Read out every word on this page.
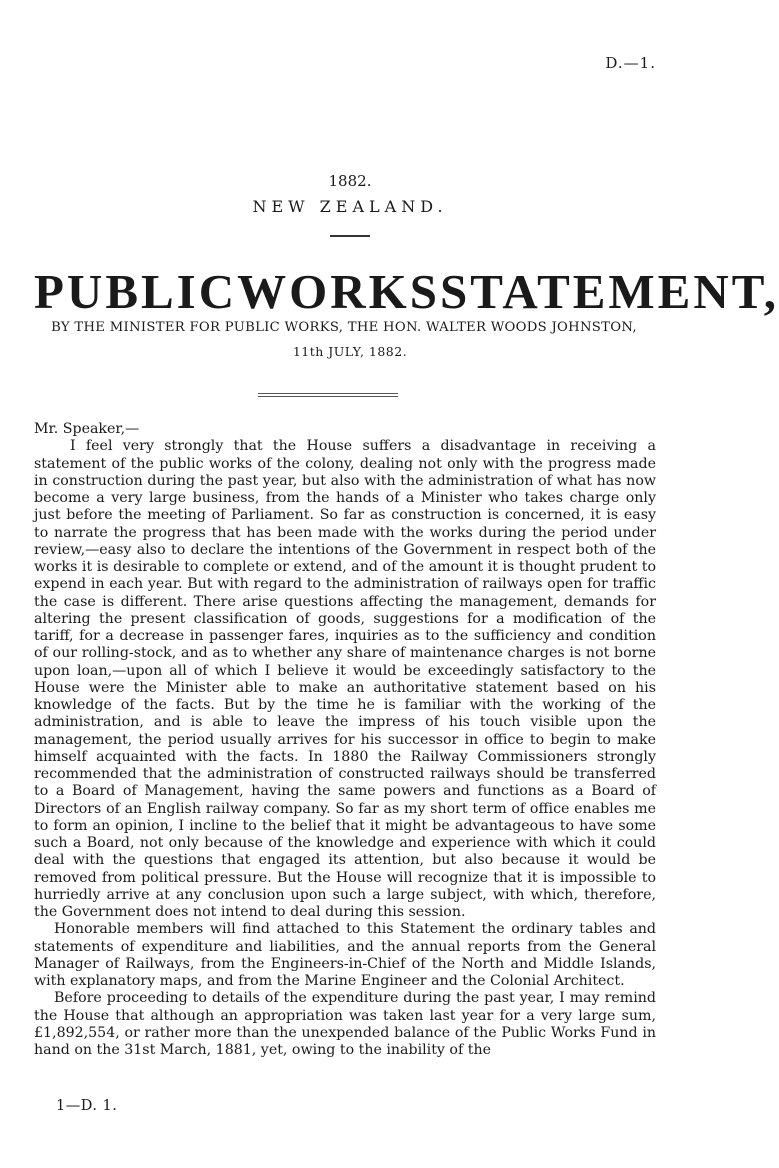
D.—1.
1882.
NEW ZEALAND.
PUBLIC WORKS STATEMENT,
BY THE MINISTER FOR PUBLIC WORKS, THE HON. WALTER WOODS JOHNSTON,
11th JULY, 1882.
Mr. Speaker,—

I feel very strongly that the House suffers a disadvantage in receiving a statement of the public works of the colony, dealing not only with the progress made in construction during the past year, but also with the administration of what has now become a very large business, from the hands of a Minister who takes charge only just before the meeting of Parliament. So far as construction is concerned, it is easy to narrate the progress that has been made with the works during the period under review,—easy also to declare the intentions of the Government in respect both of the works it is desirable to complete or extend, and of the amount it is thought prudent to expend in each year. But with regard to the administration of railways open for traffic the case is different. There arise questions affecting the management, demands for altering the present classification of goods, suggestions for a modification of the tariff, for a decrease in passenger fares, inquiries as to the sufficiency and condition of our rolling-stock, and as to whether any share of maintenance charges is not borne upon loan,—upon all of which I believe it would be exceedingly satisfactory to the House were the Minister able to make an authoritative statement based on his knowledge of the facts. But by the time he is familiar with the working of the administration, and is able to leave the impress of his touch visible upon the management, the period usually arrives for his successor in office to begin to make himself acquainted with the facts. In 1880 the Railway Commissioners strongly recommended that the administration of constructed railways should be transferred to a Board of Management, having the same powers and functions as a Board of Directors of an English railway company. So far as my short term of office enables me to form an opinion, I incline to the belief that it might be advantageous to have some such a Board, not only because of the knowledge and experience with which it could deal with the questions that engaged its attention, but also because it would be removed from political pressure. But the House will recognize that it is impossible to hurriedly arrive at any conclusion upon such a large subject, with which, therefore, the Government does not intend to deal during this session.

Honorable members will find attached to this Statement the ordinary tables and statements of expenditure and liabilities, and the annual reports from the General Manager of Railways, from the Engineers-in-Chief of the North and Middle Islands, with explanatory maps, and from the Marine Engineer and the Colonial Architect.

Before proceeding to details of the expenditure during the past year, I may remind the House that although an appropriation was taken last year for a very large sum, £1,892,554, or rather more than the unexpended balance of the Public Works Fund in hand on the 31st March, 1881, yet, owing to the inability of the

1—D. 1.
